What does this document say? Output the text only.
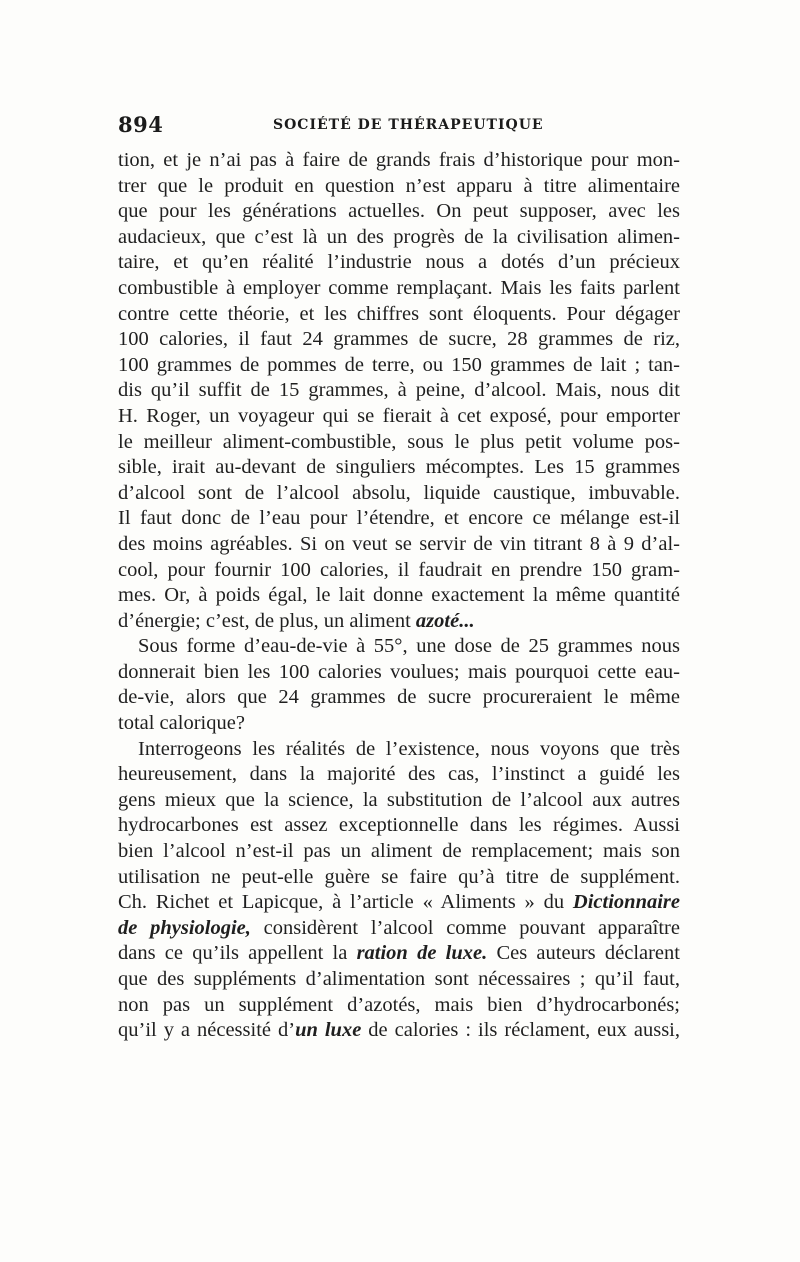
894	SOCIÉTÉ DE THÉRAPEUTIQUE
tion, et je n’ai pas à faire de grands frais d’historique pour mon-
trer que le produit en question n’est apparu à titre alimentaire
que pour les générations actuelles. On peut supposer, avec les
audacieux, que c’est là un des progrès de la civilisation alimen-
taire, et qu’en réalité l’industrie nous a dotés d’un précieux
combustible à employer comme remplaçant. Mais les faits parlent
contre cette théorie, et les chiffres sont éloquents. Pour dégager
100 calories, il faut 24 grammes de sucre, 28 grammes de riz,
100 grammes de pommes de terre, ou 150 grammes de lait ; tan-
dis qu’il suffit de 15 grammes, à peine, d’alcool. Mais, nous dit
H. Roger, un voyageur qui se fierait à cet exposé, pour emporter
le meilleur aliment-combustible, sous le plus petit volume pos-
sible, irait au-devant de singuliers mécomptes. Les 15 grammes
d’alcool sont de l’alcool absolu, liquide caustique, imbuvable.
Il faut donc de l’eau pour l’étendre, et encore ce mélange est-il
des moins agréables. Si on veut se servir de vin titrant 8 à 9 d’al-
cool, pour fournir 100 calories, il faudrait en prendre 150 gram-
mes. Or, à poids égal, le lait donne exactement la même quantité
d’énergie; c’est, de plus, un aliment azoté...
Sous forme d’eau-de-vie à 55°, une dose de 25 grammes nous
donnerait bien les 100 calories voulues; mais pourquoi cette eau-
de-vie, alors que 24 grammes de sucre procureraient le même
total calorique?
Interrogeons les réalités de l’existence, nous voyons que très
heureusement, dans la majorité des cas, l’instinct a guidé les
gens mieux que la science, la substitution de l’alcool aux autres
hydrocarbones est assez exceptionnelle dans les régimes. Aussi
bien l’alcool n’est-il pas un aliment de remplacement; mais son
utilisation ne peut-elle guère se faire qu’à titre de supplément.
Ch. Richet et Lapicque, à l’article « Aliments » du Dictionnaire
de physiologie, considèrent l’alcool comme pouvant apparaître
dans ce qu’ils appellent la ration de luxe. Ces auteurs déclarent
que des suppléments d’alimentation sont nécessaires ; qu’il faut,
non pas un supplément d’azotés, mais bien d’hydrocarbonés;
qu’il y a nécessité d’un luxe de calories : ils réclament, eux aussi,
